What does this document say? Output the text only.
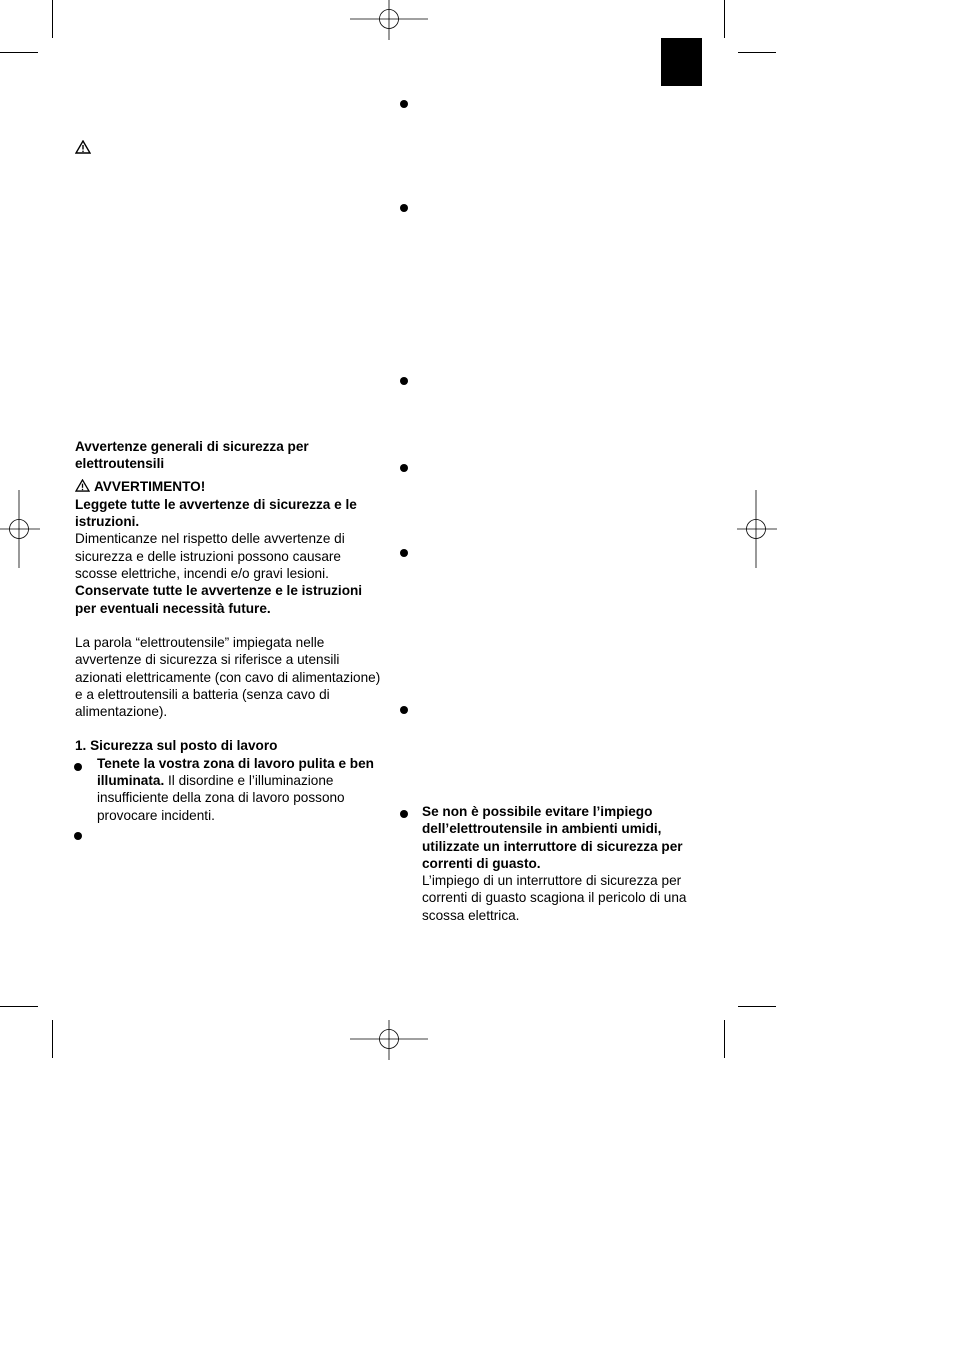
Avvertenze generali di sicurezza per elettroutensili

AVVERTIMENTO!

Leggete tutte le avvertenze di sicurezza e le istruzioni.

Dimenticanze nel rispetto delle avvertenze di sicurezza e delle istruzioni possono causare scosse elettriche, incendi e/o gravi lesioni.

Conservate tutte le avvertenze e le istruzioni per eventuali necessità future.

La parola “elettroutensile” impiegata nelle avvertenze di sicurezza si riferisce a utensili azionati elettricamente (con cavo di alimentazione) e a elettroutensili a batteria (senza cavo di alimentazione).

1. Sicurezza sul posto di lavoro

Tenete la vostra zona di lavoro pulita e ben illuminata. Il disordine e l’illuminazione insufficiente della zona di lavoro possono provocare incidenti.	Se non è possibile evitare l’impiego dell’elettroutensile in ambienti umidi, utilizzate un interruttore di sicurezza per correnti di guasto.

L’impiego di un interruttore di sicurezza per correnti di guasto scagiona il pericolo di una scossa elettrica.
